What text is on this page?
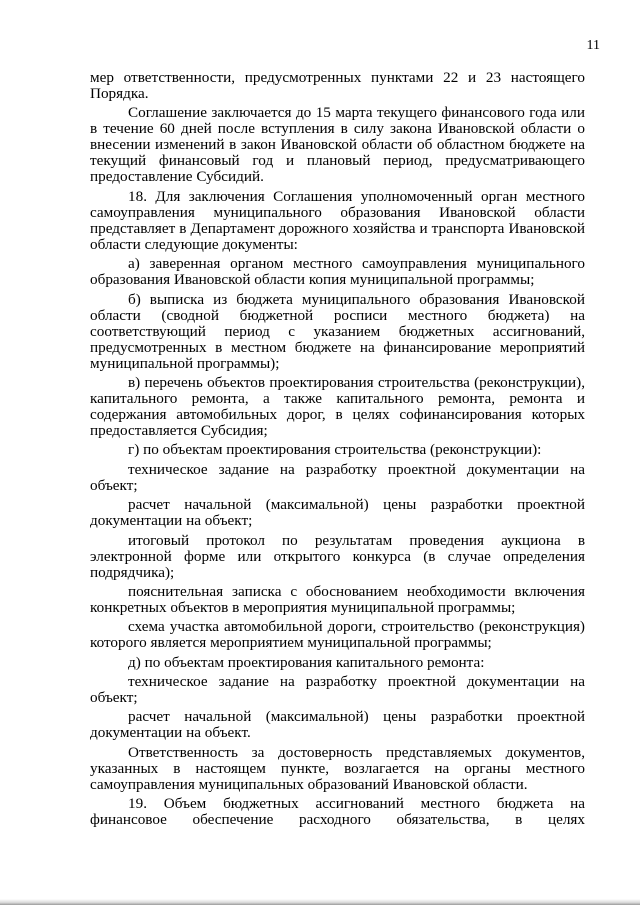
11

мер ответственности, предусмотренных пунктами 22 и 23 настоящего Порядка.

Соглашение заключается до 15 марта текущего финансового года или в течение 60 дней после вступления в силу закона Ивановской области о внесении изменений в закон Ивановской области об областном бюджете на текущий финансовый год и плановый период, предусматривающего предоставление Субсидий.

18. Для заключения Соглашения уполномоченный орган местного самоуправления муниципального образования Ивановской области представляет в Департамент дорожного хозяйства и транспорта Ивановской области следующие документы:

а) заверенная органом местного самоуправления муниципального образования Ивановской области копия муниципальной программы;

б) выписка из бюджета муниципального образования Ивановской области (сводной бюджетной росписи местного бюджета) на соответствующий период с указанием бюджетных ассигнований, предусмотренных в местном бюджете на финансирование мероприятий муниципальной программы);

в) перечень объектов проектирования строительства (реконструкции), капитального ремонта, а также капитального ремонта, ремонта и содержания автомобильных дорог, в целях софинансирования которых предоставляется Субсидия;

г) по объектам проектирования строительства (реконструкции):

техническое задание на разработку проектной документации на объект;

расчет начальной (максимальной) цены разработки проектной документации на объект;

итоговый протокол по результатам проведения аукциона в электронной форме или открытого конкурса (в случае определения подрядчика);

пояснительная записка с обоснованием необходимости включения конкретных объектов в мероприятия муниципальной программы;

схема участка автомобильной дороги, строительство (реконструкция) которого является мероприятием муниципальной программы;

д) по объектам проектирования капитального ремонта:

техническое задание на разработку проектной документации на объект;

расчет начальной (максимальной) цены разработки проектной документации на объект.

Ответственность за достоверность представляемых документов, указанных в настоящем пункте, возлагается на органы местного самоуправления муниципальных образований Ивановской области.

19. Объем бюджетных ассигнований местного бюджета на финансовое обеспечение расходного обязательства, в целях
